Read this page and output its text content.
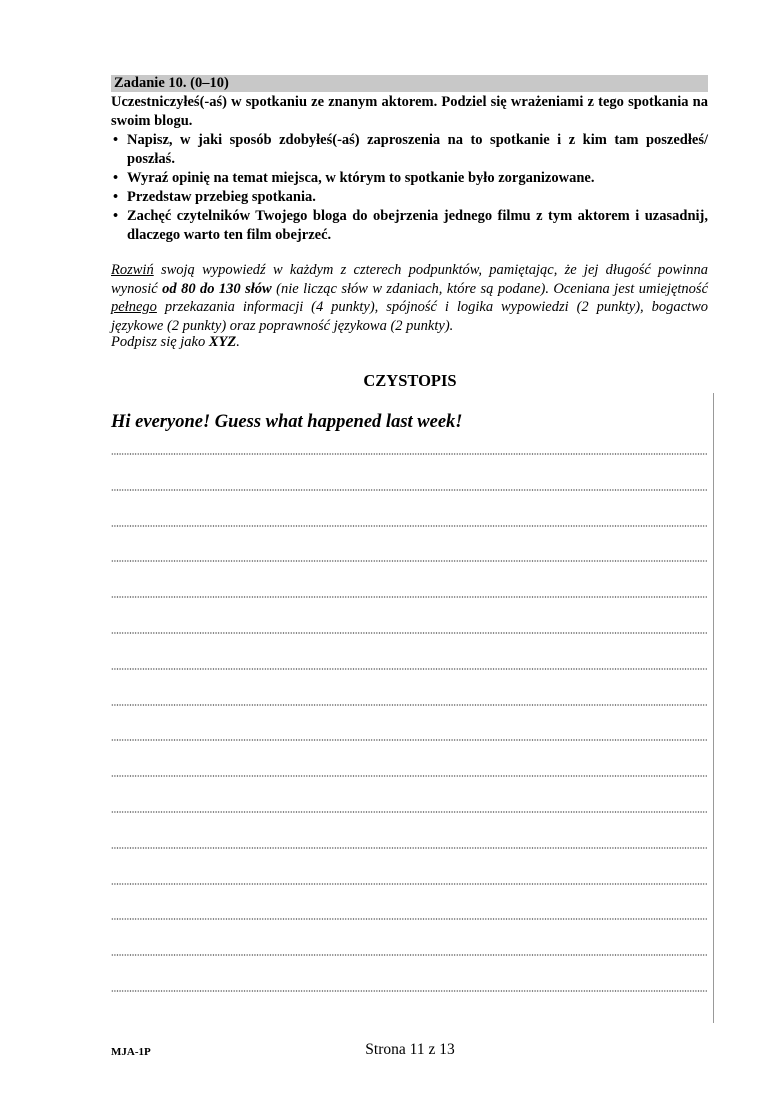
Zadanie 10. (0–10)
Uczestniczyłeś(-aś) w spotkaniu ze znanym aktorem. Podziel się wrażeniami z tego spotkania na swoim blogu.
• Napisz, w jaki sposób zdobyłeś(-aś) zaproszenia na to spotkanie i z kim tam poszedłeś/ poszłaś.
• Wyraź opinię na temat miejsca, w którym to spotkanie było zorganizowane.
• Przedstaw przebieg spotkania.
• Zachęć czytelników Twojego bloga do obejrzenia jednego filmu z tym aktorem i uzasadnij, dlaczego warto ten film obejrzeć.
Rozwiń swoją wypowiedź w każdym z czterech podpunktów, pamiętając, że jej długość powinna wynosić od 80 do 130 słów (nie licząc słów w zdaniach, które są podane). Oceniana jest umiejętność pełnego przekazania informacji (4 punkty), spójność i logika wypowiedzi (2 punkty), bogactwo językowe (2 punkty) oraz poprawność językowa (2 punkty).
Podpisz się jako XYZ.
CZYSTOPIS
Hi everyone! Guess what happened last week!
MJA-1P	Strona 11 z 13
